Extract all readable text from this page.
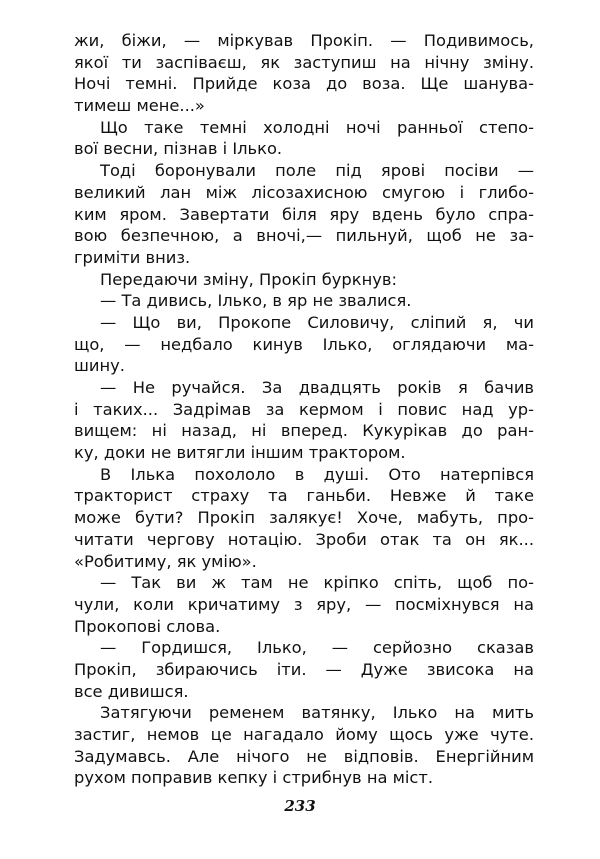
жи, біжи, — міркував Прокіп. — Подивимось,
якої ти заспіваєш, як заступиш на нічну зміну.
Ночі темні. Прийде коза до воза. Ще шанува-
тимеш мене...»
Що таке темні холодні ночі ранньої степо-
вої весни, пізнав і Ілько.
Тоді боронували поле під ярові посіви —
великий лан між лісозахисною смугою і глибо-
ким яром. Завертати біля яру вдень було спра-
вою безпечною, а вночі,— пильнуй, щоб не за-
гриміти вниз.
Передаючи зміну, Прокіп буркнув:
— Та дивись, Ілько, в яр не звалися.
— Що ви, Прокопе Силовичу, сліпий я, чи
що, — недбало кинув Ілько, оглядаючи ма-
шину.
— Не ручайся. За двадцять років я бачив
і таких... Задрімав за кермом і повис над ур-
вищем: ні назад, ні вперед. Кукурікав до ран-
ку, доки не витягли іншим трактором.
В Ілька похололо в душі. Ото натерпівся
тракторист страху та ганьби. Невже й таке
може бути? Прокіп залякує! Хоче, мабуть, про-
читати чергову нотацію. Зроби отак та он як...
«Робитиму, як умію».
— Так ви ж там не кріпко спіть, щоб по-
чули, коли кричатиму з яру, — посміхнувся на
Прокопові слова.
— Гордишся, Ілько, — серйозно сказав
Прокіп, збираючись іти. — Дуже звисока на
все дивишся.
Затягуючи ременем ватянку, Ілько на мить
застиг, немов це нагадало йому щось уже чуте.
Задумавсь. Але нічого не відповів. Енергійним
рухом поправив кепку і стрибнув на міст.
233
